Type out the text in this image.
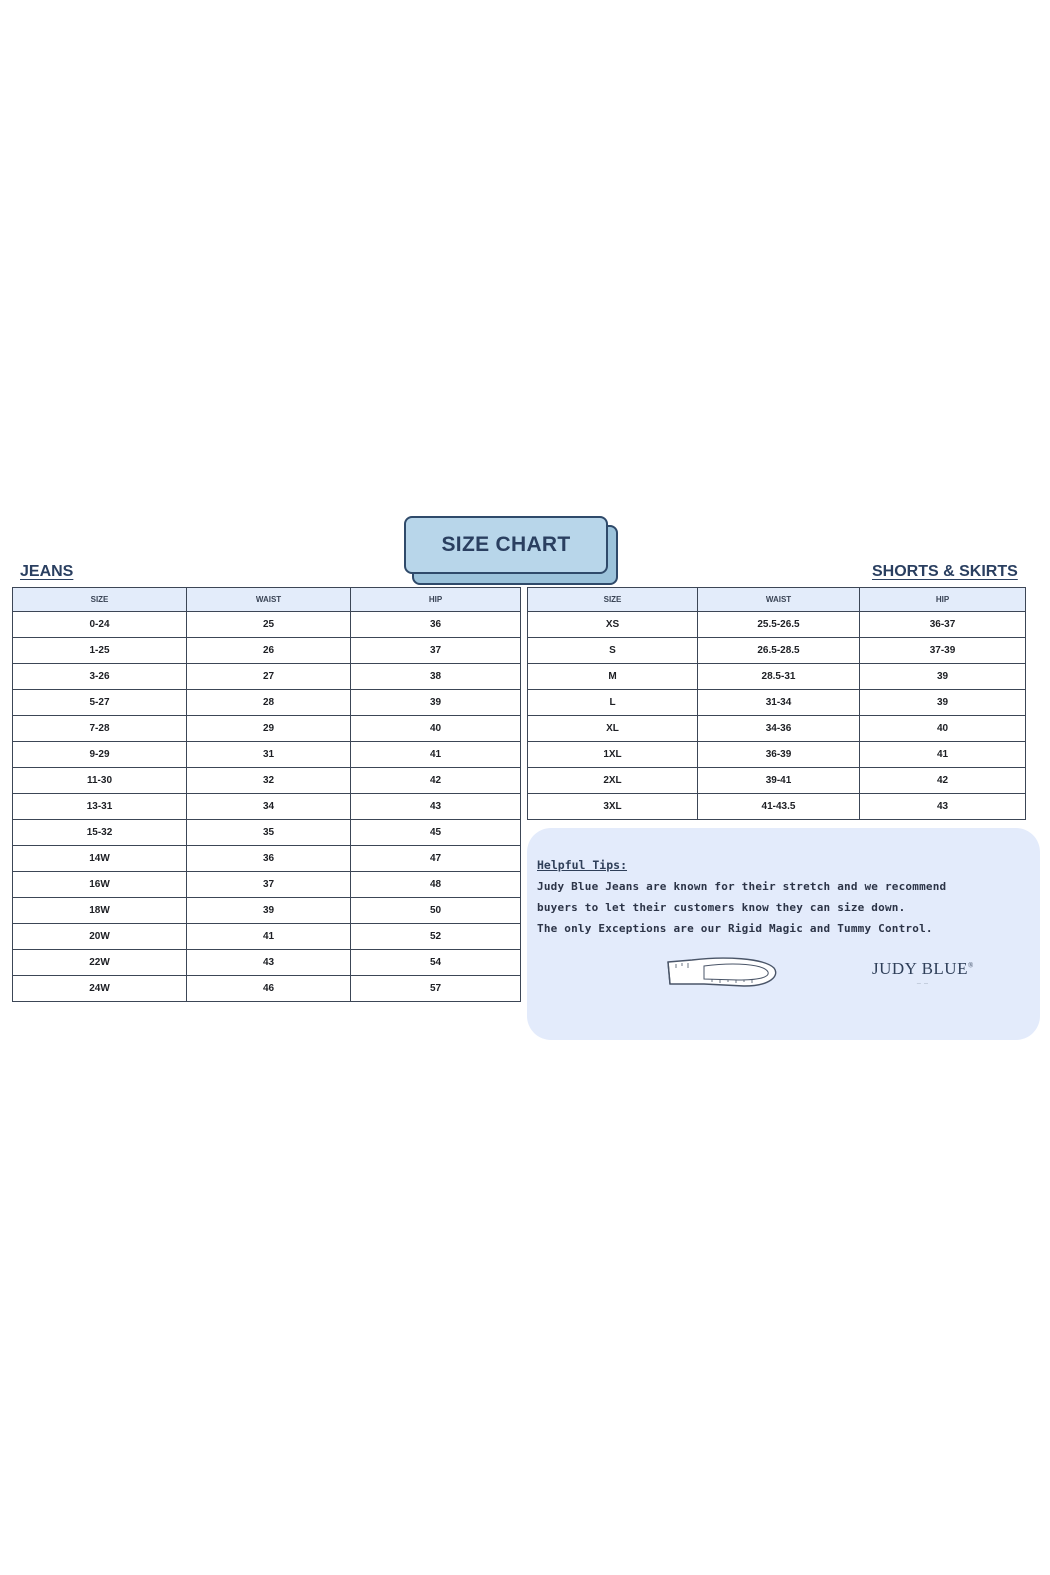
SIZE CHART
JEANS	SHORTS & SKIRTS
SIZE	WAIST	HIP
0-24	25	36
1-25	26	37
3-26	27	38
5-27	28	39
7-28	29	40
9-29	31	41
11-30	32	42
13-31	34	43
15-32	35	45
14W	36	47
16W	37	48
18W	39	50
20W	41	52
22W	43	54
24W	46	57
SIZE	WAIST	HIP
XS	25.5-26.5	36-37
S	26.5-28.5	37-39
M	28.5-31	39
L	31-34	39
XL	34-36	40
1XL	36-39	41
2XL	39-41	42
3XL	41-43.5	43
Helpful Tips:
Judy Blue Jeans are known for their stretch and we recommend
buyers to let their customers know they can size down.
The only Exceptions are our Rigid Magic and Tummy Control.
JUDY BLUE®
— —
